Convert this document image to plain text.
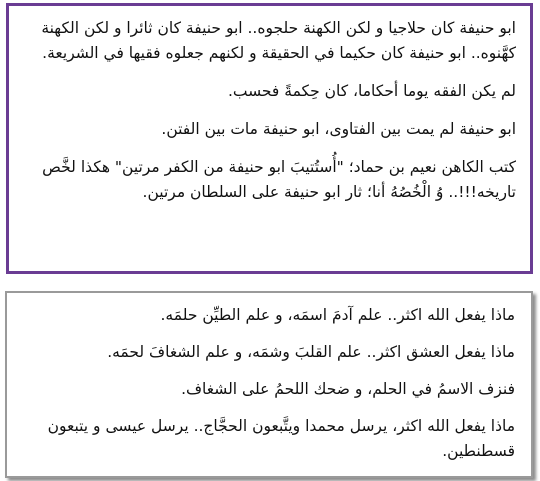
ابو حنيفة كان حلاجيا و لكن الكهنة حلجوه.. ابو حنيفة كان ثائرا و لكن الكهنة كهَّنوه.. ابو حنيفة كان حكيما في الحقيقة و لكنهم جعلوه فقيها في الشريعة.

لم يكن الفقه يوما أحكاما، كان حِكمةً فحسب.

ابو حنيفة لم يمت بين الفتاوى، ابو حنيفة مات بين الفتن.

كتب الكاهن نعيم بن حماد؛ "أُستُتيبَ ابو حنيفة من الكفر مرتين" هكذا لخَّص تاريخه!!!.. وُ الْخُصُهُ أنا؛ ثار ابو حنيفة على السلطان مرتين.

ماذا يفعل الله اكثر.. علم آدمَ اسمَه، و علم الطيِّن حلمَه.

ماذا يفعل العشق اكثر.. علم القلبَ وشمَه، و علم الشغافَ لحمَه.

فنزف الاسمُ في الحلم، و ضحك اللحمُ على الشغاف.

ماذا يفعل الله اكثر، يرسل محمدا ويتَّبعون الحجَّاج.. يرسل عيسى و يتبعون قسطنطين.
